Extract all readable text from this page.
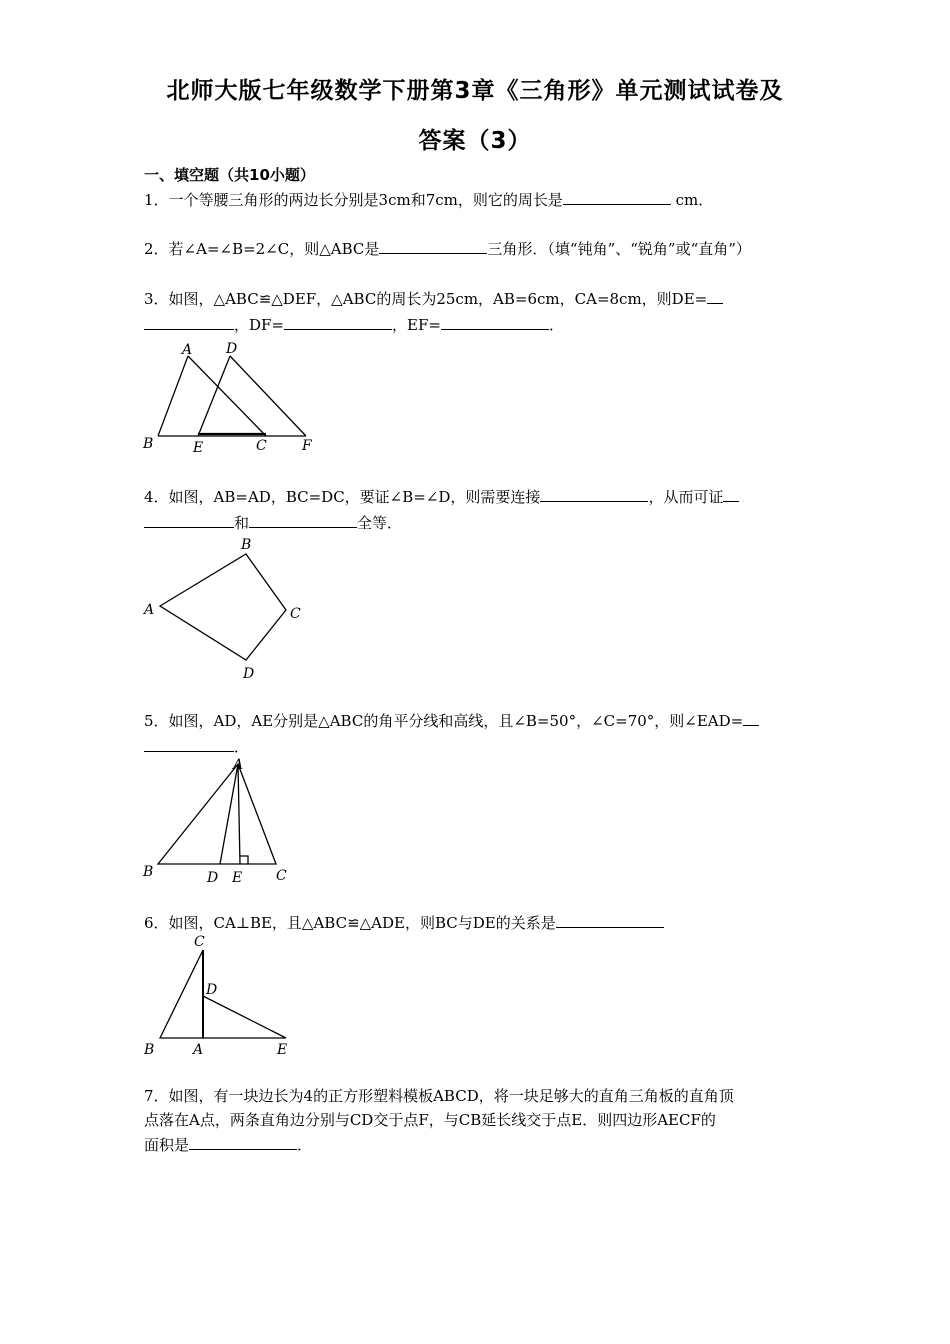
北师大版七年级数学下册第3章《三角形》单元测试试卷及
答案（3）
一、填空题（共10小题）
1．一个等腰三角形的两边长分别是3cm和7cm，则它的周长是	cm．
2．若∠A=∠B=2∠C，则△ABC是	三角形．（填“钝角”、“锐角”或“直角”）
3．如图，△ABC≌△DEF，△ABC的周长为25cm，AB=6cm，CA=8cm，则DE=
，DF=	，EF=	．
A D
B	E	C	F
4．如图，AB=AD，BC=DC，要证∠B=∠D，则需要连接	，从而可证
和	全等．
A
B
C
D
5．如图，AD，AE分别是△ABC的角平分线和高线，且∠B=50°，∠C=70°，则∠EAD=
．
A
B	D E C
6．如图，CA⊥BE，且△ABC≌△ADE，则BC与DE的关系是
C
D
B	A	E
7．如图，有一块边长为4的正方形塑料模板ABCD，将一块足够大的直角三角板的直角顶
点落在A点，两条直角边分别与CD交于点F，与CB延长线交于点E．则四边形AECF的
面积是	．
